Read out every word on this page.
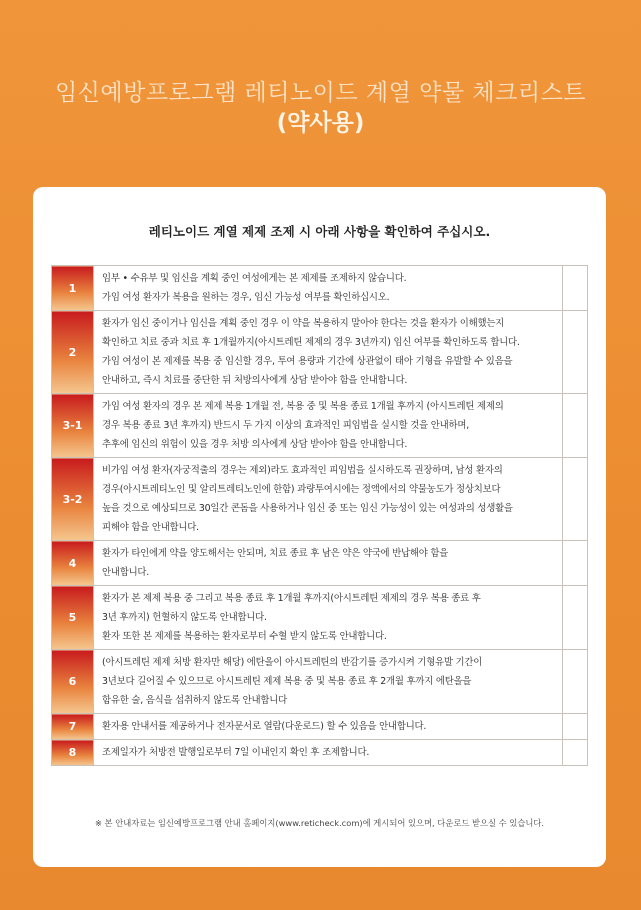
임신예방프로그램 레티노이드 계열 약물 체크리스트
(약사용)
레티노이드 계열 제제 조제 시 아래 사항을 확인하여 주십시오.
1	임부 • 수유부 및 임신을 계획 중인 여성에게는 본 제제를 조제하지 않습니다.
가임 여성 환자가 복용을 원하는 경우, 임신 가능성 여부를 확인하십시오.	

2	환자가 임신 중이거나 임신을 계획 중인 경우 이 약을 복용하지 말아야 한다는 것을 환자가 이해했는지
확인하고 치료 중과 치료 후 1개월까지(아시트레틴 제제의 경우 3년까지) 임신 여부를 확인하도록 합니다.
가임 여성이 본 제제를 복용 중 임신할 경우, 투여 용량과 기간에 상관없이 태아 기형을 유발할 수 있음을
안내하고, 즉시 치료를 중단한 뒤 처방의사에게 상담 받아야 함을 안내합니다.	

3-1	가임 여성 환자의 경우 본 제제 복용 1개월 전, 복용 중 및 복용 종료 1개월 후까지 (아시트레틴 제제의
경우 복용 종료 3년 후까지) 반드시 두 가지 이상의 효과적인 피임법을 실시할 것을 안내하며,
추후에 임신의 위험이 있을 경우 처방 의사에게 상담 받아야 함을 안내합니다.	

3-2	비가임 여성 환자(자궁적출의 경우는 제외)라도 효과적인 피임법을 실시하도록 권장하며, 남성 환자의
경우(아시트레티노인 및 알리트레티노인에 한함) 과량투여시에는 정액에서의 약물농도가 정상치보다
높을 것으로 예상되므로 30일간 콘돔을 사용하거나 임신 중 또는 임신 가능성이 있는 여성과의 성생활을
피해야 함을 안내합니다.	

4	환자가 타인에게 약을 양도해서는 안되며, 치료 종료 후 남은 약은 약국에 반납해야 함을
안내합니다.	

5	환자가 본 제제 복용 중 그리고 복용 종료 후 1개월 후까지(아시트레틴 제제의 경우 복용 종료 후
3년 후까지) 헌혈하지 않도록 안내합니다.
환자 또한 본 제제를 복용하는 환자로부터 수혈 받지 않도록 안내합니다.	

6	(아시트레틴 제제 처방 환자만 해당) 에탄올이 아시트레틴의 반감기를 증가시켜 기형유발 기간이
3년보다 길어질 수 있으므로 아시트레틴 제제 복용 중 및 복용 종료 후 2개월 후까지 에탄올을
함유한 술, 음식을 섭취하지 않도록 안내합니다	

7	환자용 안내서를 제공하거나 전자문서로 열람(다운로드) 할 수 있음을 안내합니다.	

8	조제일자가 처방전 발행일로부터 7일 이내인지 확인 후 조제합니다.	

※ 본 안내자료는 임신예방프로그램 안내 홈페이지(www.reticheck.com)에 게시되어 있으며, 다운로드 받으실 수 있습니다.
